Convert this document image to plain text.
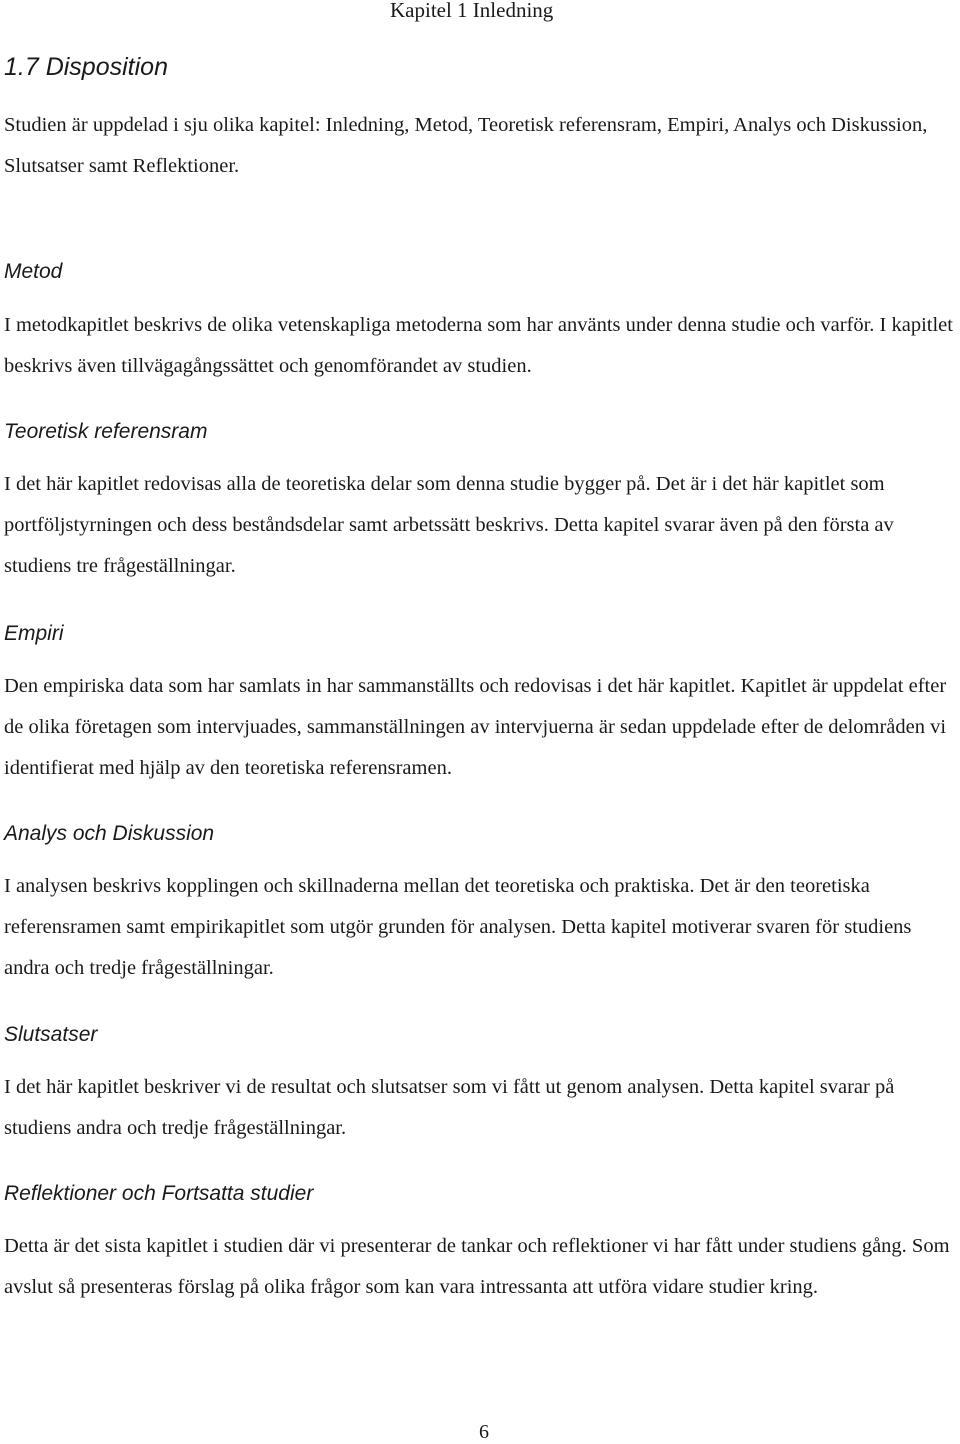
Kapitel 1 Inledning
1.7 Disposition

Studien är uppdelad i sju olika kapitel: Inledning, Metod, Teoretisk referensram, Empiri, Analys och Diskussion, Slutsatser samt Reflektioner.

Metod

I metodkapitlet beskrivs de olika vetenskapliga metoderna som har använts under denna studie och varför. I kapitlet beskrivs även tillvägagångssättet och genomförandet av studien.

Teoretisk referensram

I det här kapitlet redovisas alla de teoretiska delar som denna studie bygger på. Det är i det här kapitlet som portföljstyrningen och dess beståndsdelar samt arbetssätt beskrivs. Detta kapitel svarar även på den första av studiens tre frågeställningar.

Empiri

Den empiriska data som har samlats in har sammanställts och redovisas i det här kapitlet. Kapitlet är uppdelat efter de olika företagen som intervjuades, sammanställningen av intervjuerna är sedan uppdelade efter de delområden vi identifierat med hjälp av den teoretiska referensramen.

Analys och Diskussion

I analysen beskrivs kopplingen och skillnaderna mellan det teoretiska och praktiska. Det är den teoretiska referensramen samt empirikapitlet som utgör grunden för analysen. Detta kapitel motiverar svaren för studiens andra och tredje frågeställningar.

Slutsatser

I det här kapitlet beskriver vi de resultat och slutsatser som vi fått ut genom analysen. Detta kapitel svarar på studiens andra och tredje frågeställningar.

Reflektioner och Fortsatta studier

Detta är det sista kapitlet i studien där vi presenterar de tankar och reflektioner vi har fått under studiens gång. Som avslut så presenteras förslag på olika frågor som kan vara intressanta att utföra vidare studier kring.

6
